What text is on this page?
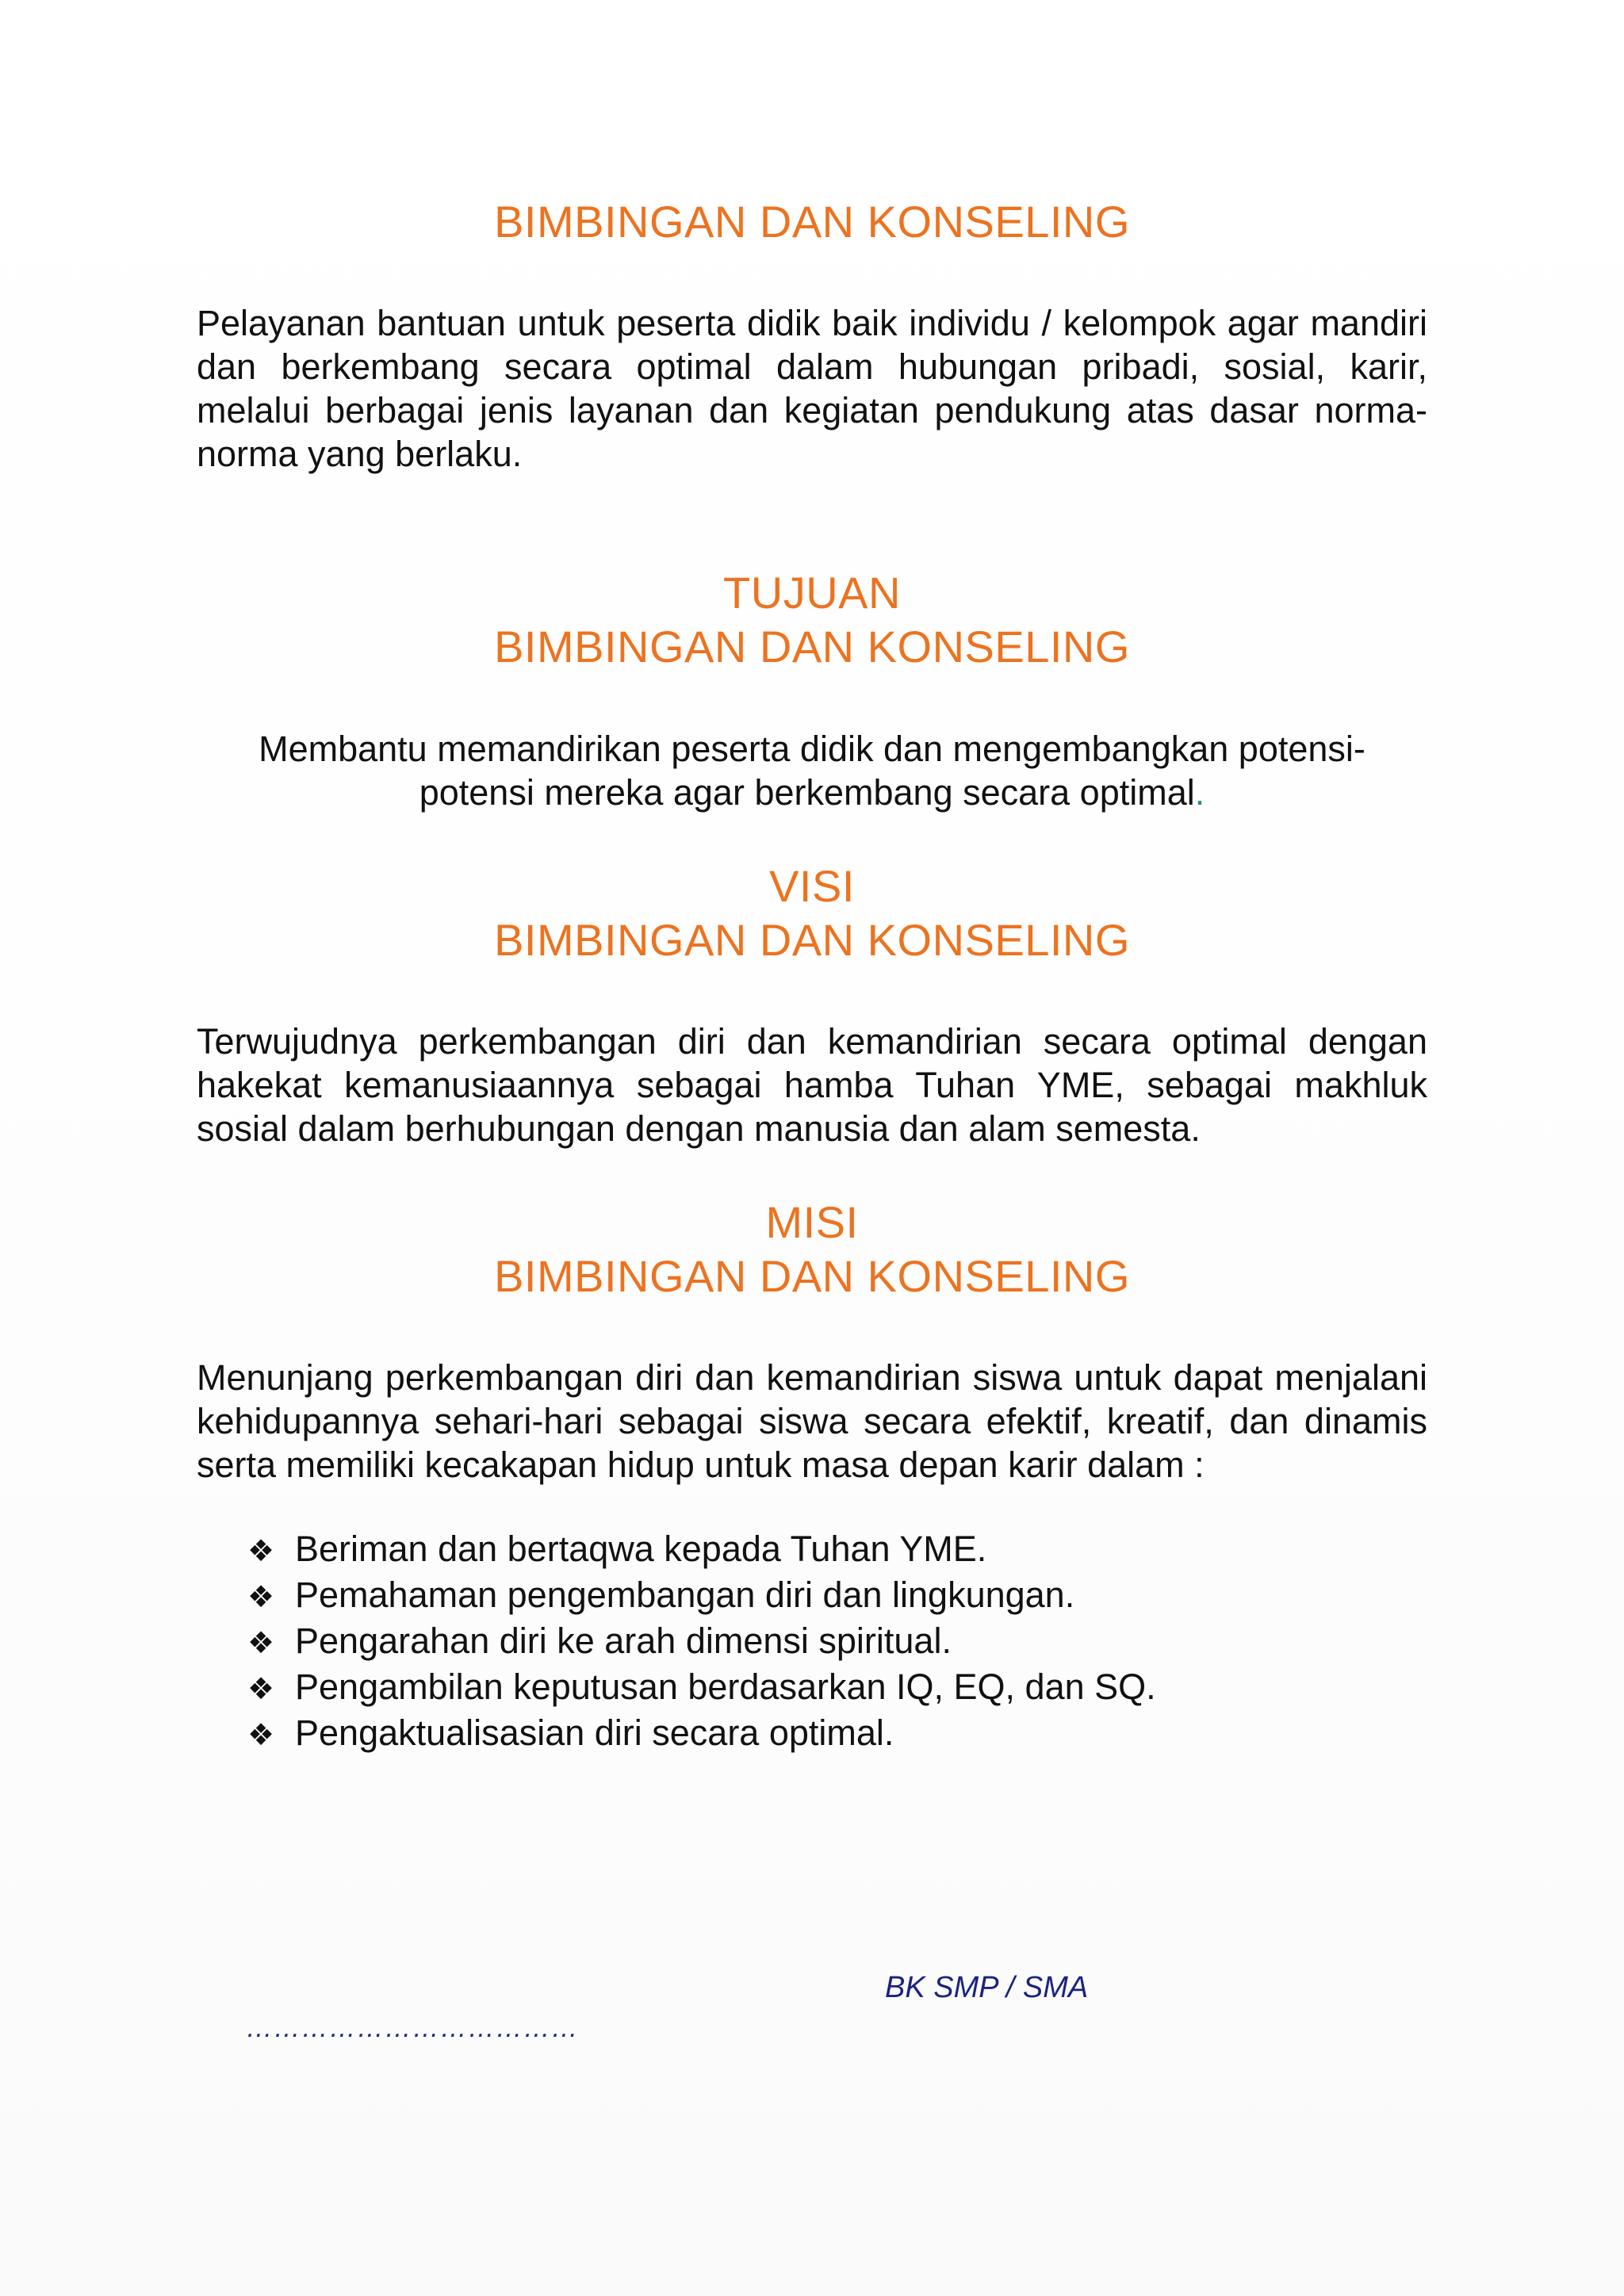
BIMBINGAN DAN KONSELING

Pelayanan bantuan untuk peserta didik baik individu / kelompok agar mandiri dan berkembang secara optimal dalam hubungan pribadi, sosial, karir, melalui berbagai jenis layanan dan kegiatan pendukung atas dasar norma-norma yang berlaku.

TUJUAN
BIMBINGAN DAN KONSELING

Membantu memandirikan peserta didik dan mengembangkan potensi-potensi mereka agar berkembang secara optimal.

VISI
BIMBINGAN DAN KONSELING

Terwujudnya perkembangan diri dan kemandirian secara optimal dengan hakekat kemanusiaannya sebagai hamba Tuhan YME, sebagai makhluk sosial dalam berhubungan dengan manusia dan alam semesta.

MISI
BIMBINGAN DAN KONSELING

Menunjang perkembangan diri dan kemandirian siswa untuk dapat menjalani kehidupannya sehari-hari sebagai siswa secara efektif, kreatif, dan dinamis serta memiliki kecakapan hidup untuk masa depan karir dalam :

❖ Beriman dan bertaqwa kepada Tuhan YME.
❖ Pemahaman pengembangan diri dan lingkungan.
❖ Pengarahan diri ke arah dimensi spiritual.
❖ Pengambilan keputusan berdasarkan IQ, EQ, dan SQ.
❖ Pengaktualisasian diri secara optimal.
BK SMP / SMA
………………………………
